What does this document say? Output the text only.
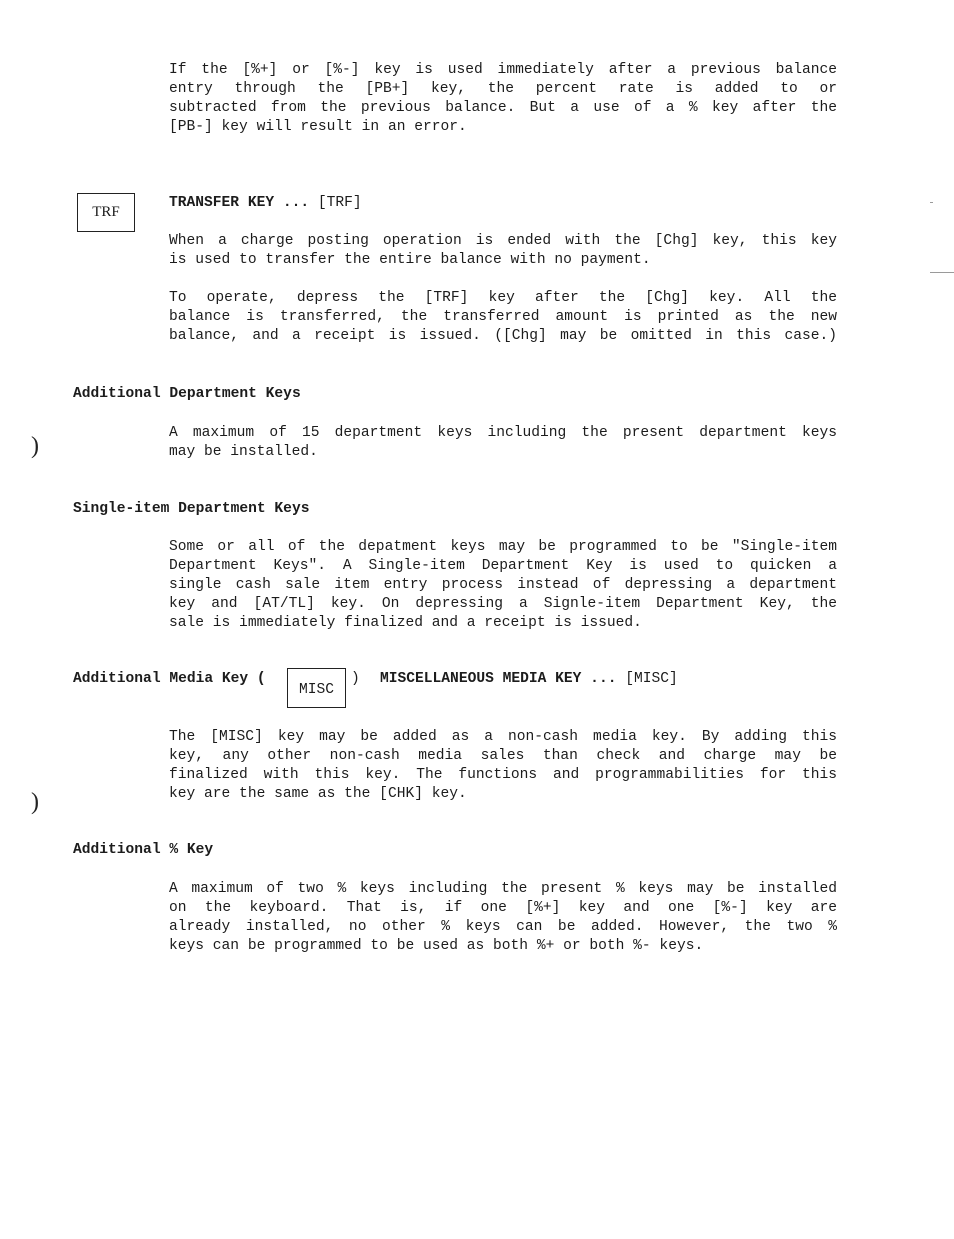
If the [%+] or [%-] key is used immediately after a previous balance
entry through the [PB+] key, the percent rate is added to or
subtracted from the previous balance. But a use of a % key after the
[PB-] key will result in an error.
TRF
TRANSFER KEY ... [TRF]
When a charge posting operation is ended with the [Chg] key, this key
is used to transfer the entire balance with no payment.
To operate, depress the [TRF] key after the [Chg] key. All the
balance is transferred, the transferred amount is printed as the new
balance, and a receipt is issued. ([Chg] may be omitted in this case.)
Additional Department Keys
)	A maximum of 15 department keys including the present department keys
may be installed.
Single-item Department Keys
Some or all of the depatment keys may be programmed to be "Single-item
Department Keys". A Single-item Department Key is used to quicken a
single cash sale item entry process instead of depressing a department
key and [AT/TL] key. On depressing a Signle-item Department Key, the
sale is immediately finalized and a receipt is issued.
Additional Media Key (
MISC
) MISCELLANEOUS MEDIA KEY ... [MISC]
The [MISC] key may be added as a non-cash media key. By adding this
key, any other non-cash media sales than check and charge may be
finalized with this key. The functions and programmabilities for this
key are the same as the [CHK] key.
)
Additional % Key
A maximum of two % keys including the present % keys may be installed
on the keyboard. That is, if one [%+] key and one [%-] key are
already installed, no other % keys can be added. However, the two %
keys can be programmed to be used as both %+ or both %- keys.
